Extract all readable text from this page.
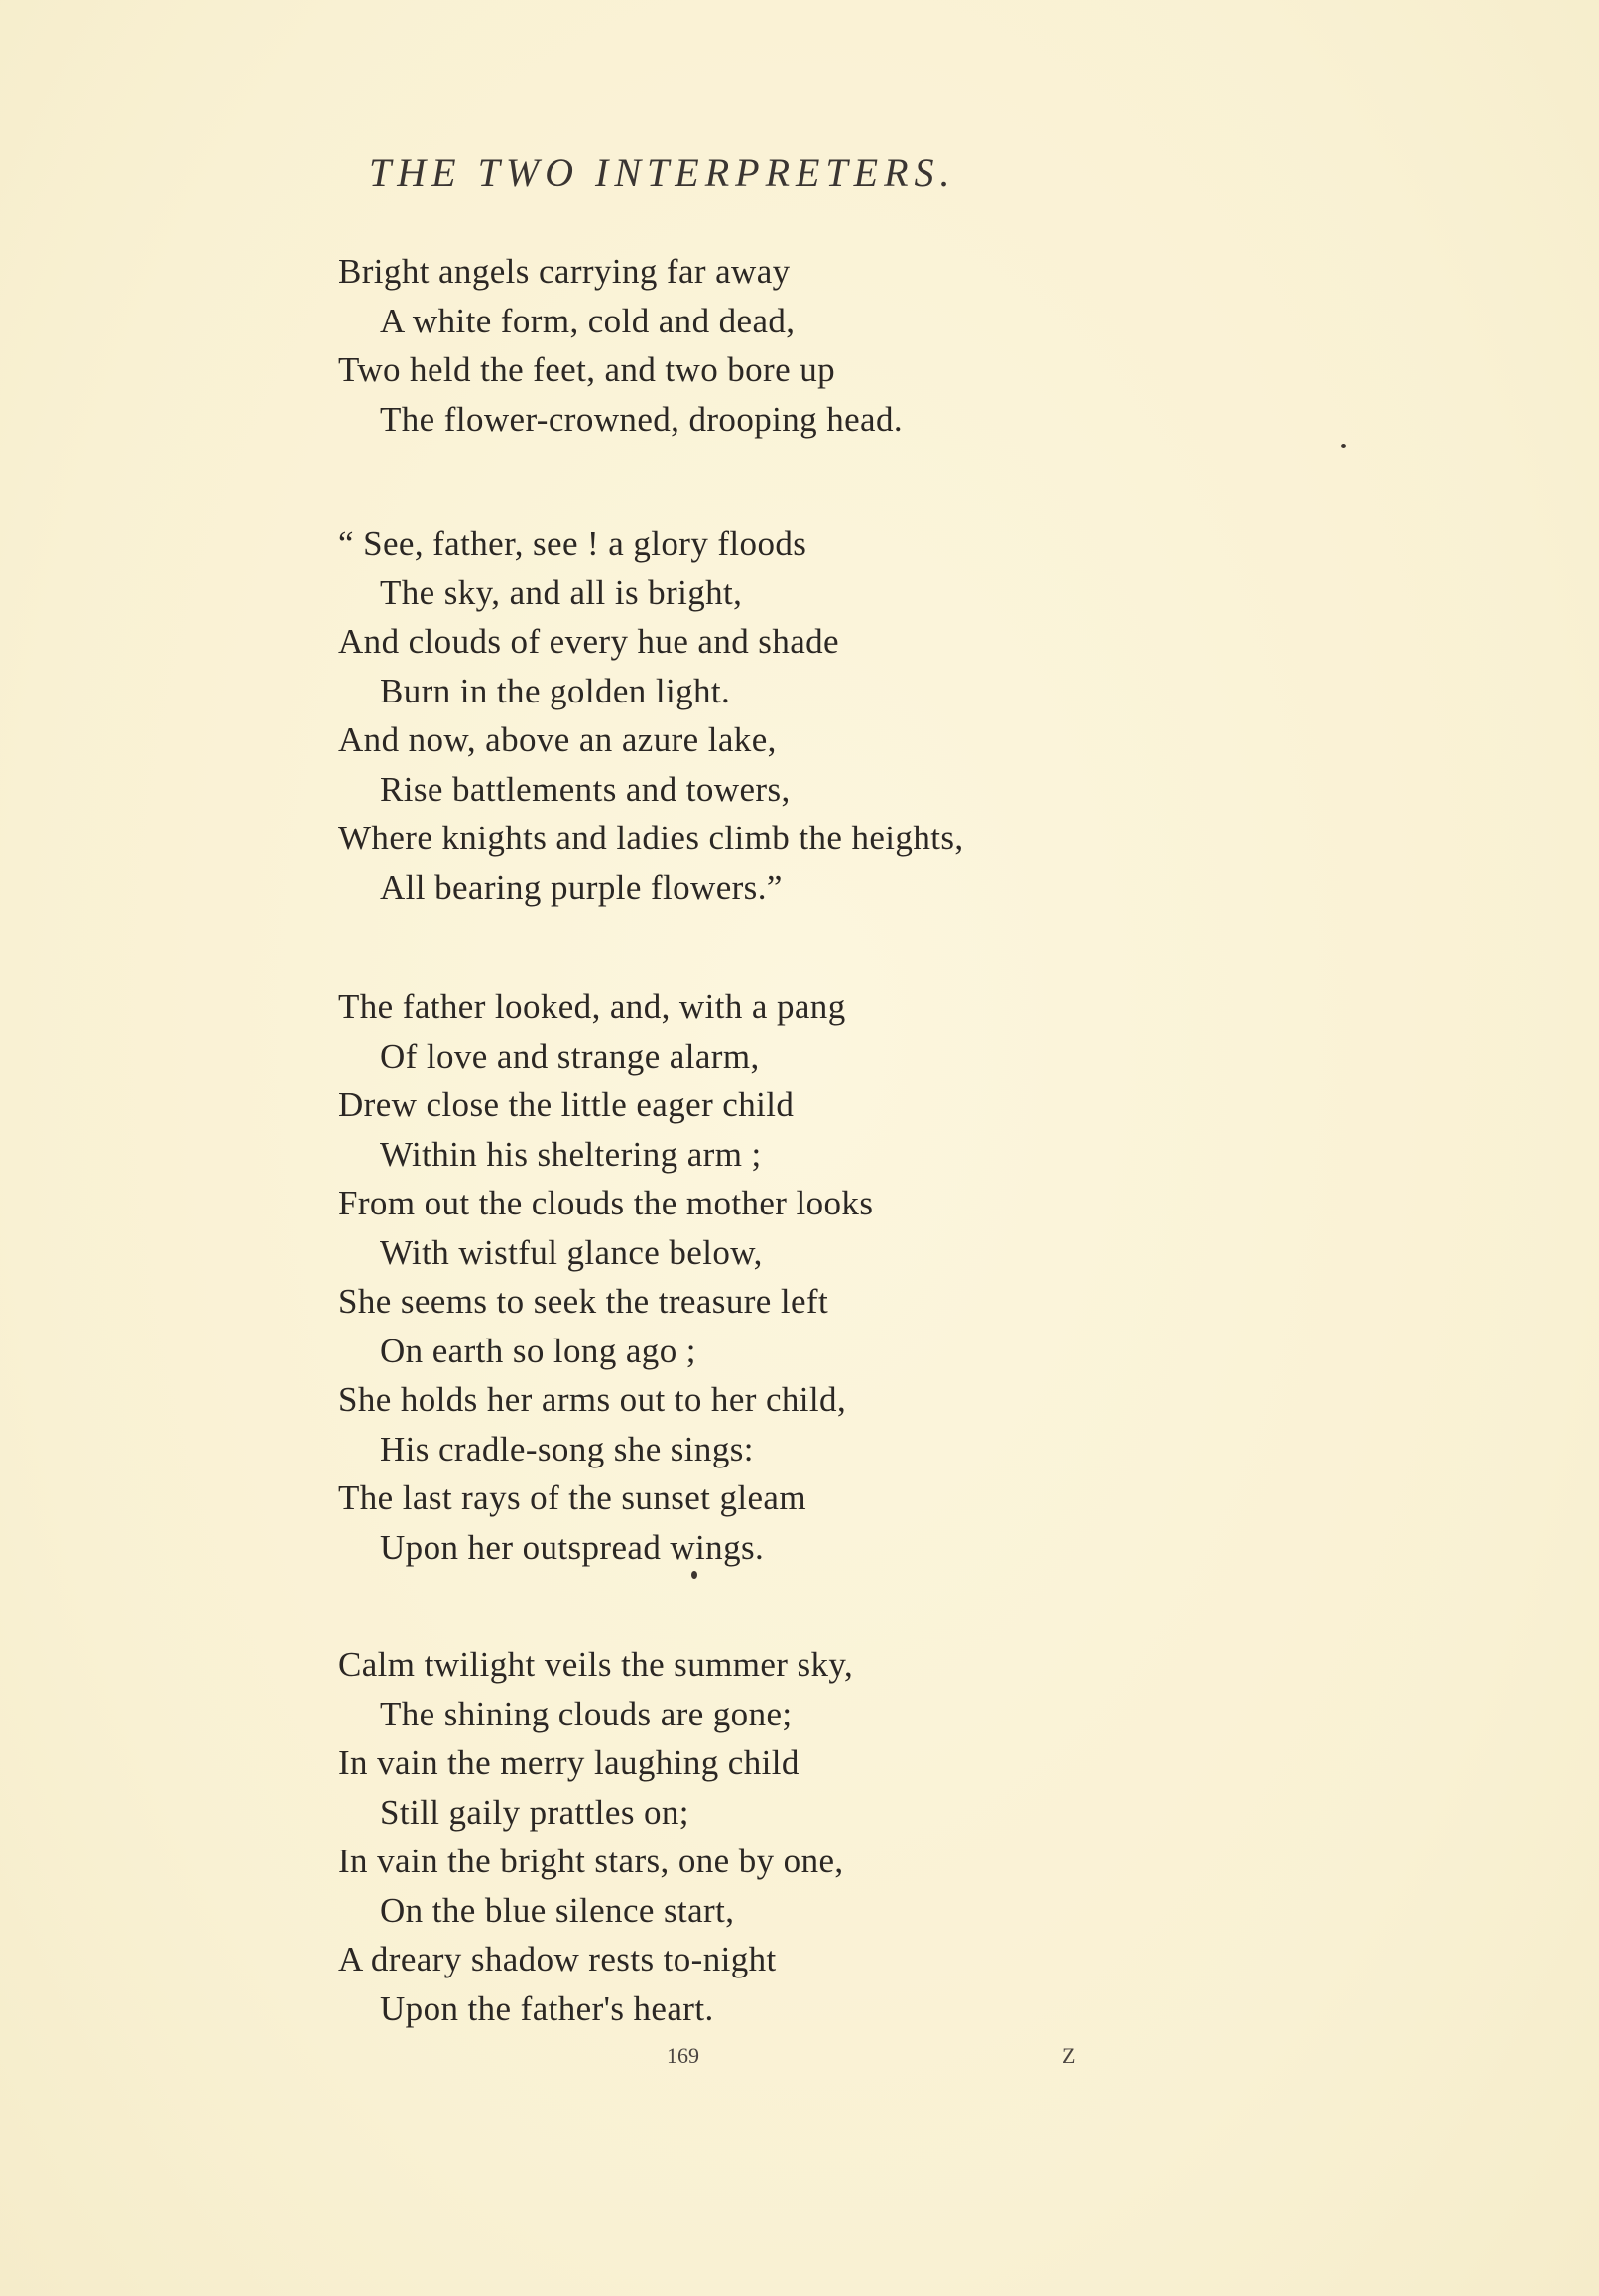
THE TWO INTERPRETERS.
Bright angels carrying far away
A white form, cold and dead,
Two held the feet, and two bore up
The flower-crowned, drooping head.
“ See, father, see ! a glory floods
The sky, and all is bright,
And clouds of every hue and shade
Burn in the golden light.
And now, above an azure lake,
Rise battlements and towers,
Where knights and ladies climb the heights,
All bearing purple flowers.”
The father looked, and, with a pang
Of love and strange alarm,
Drew close the little eager child
Within his sheltering arm ;
From out the clouds the mother looks
With wistful glance below,
She seems to seek the treasure left
On earth so long ago ;
She holds her arms out to her child,
His cradle-song she sings:
The last rays of the sunset gleam
Upon her outspread wings.
Calm twilight veils the summer sky,
The shining clouds are gone;
In vain the merry laughing child
Still gaily prattles on;
In vain the bright stars, one by one,
On the blue silence start,
A dreary shadow rests to-night
Upon the father's heart.
169	Z
